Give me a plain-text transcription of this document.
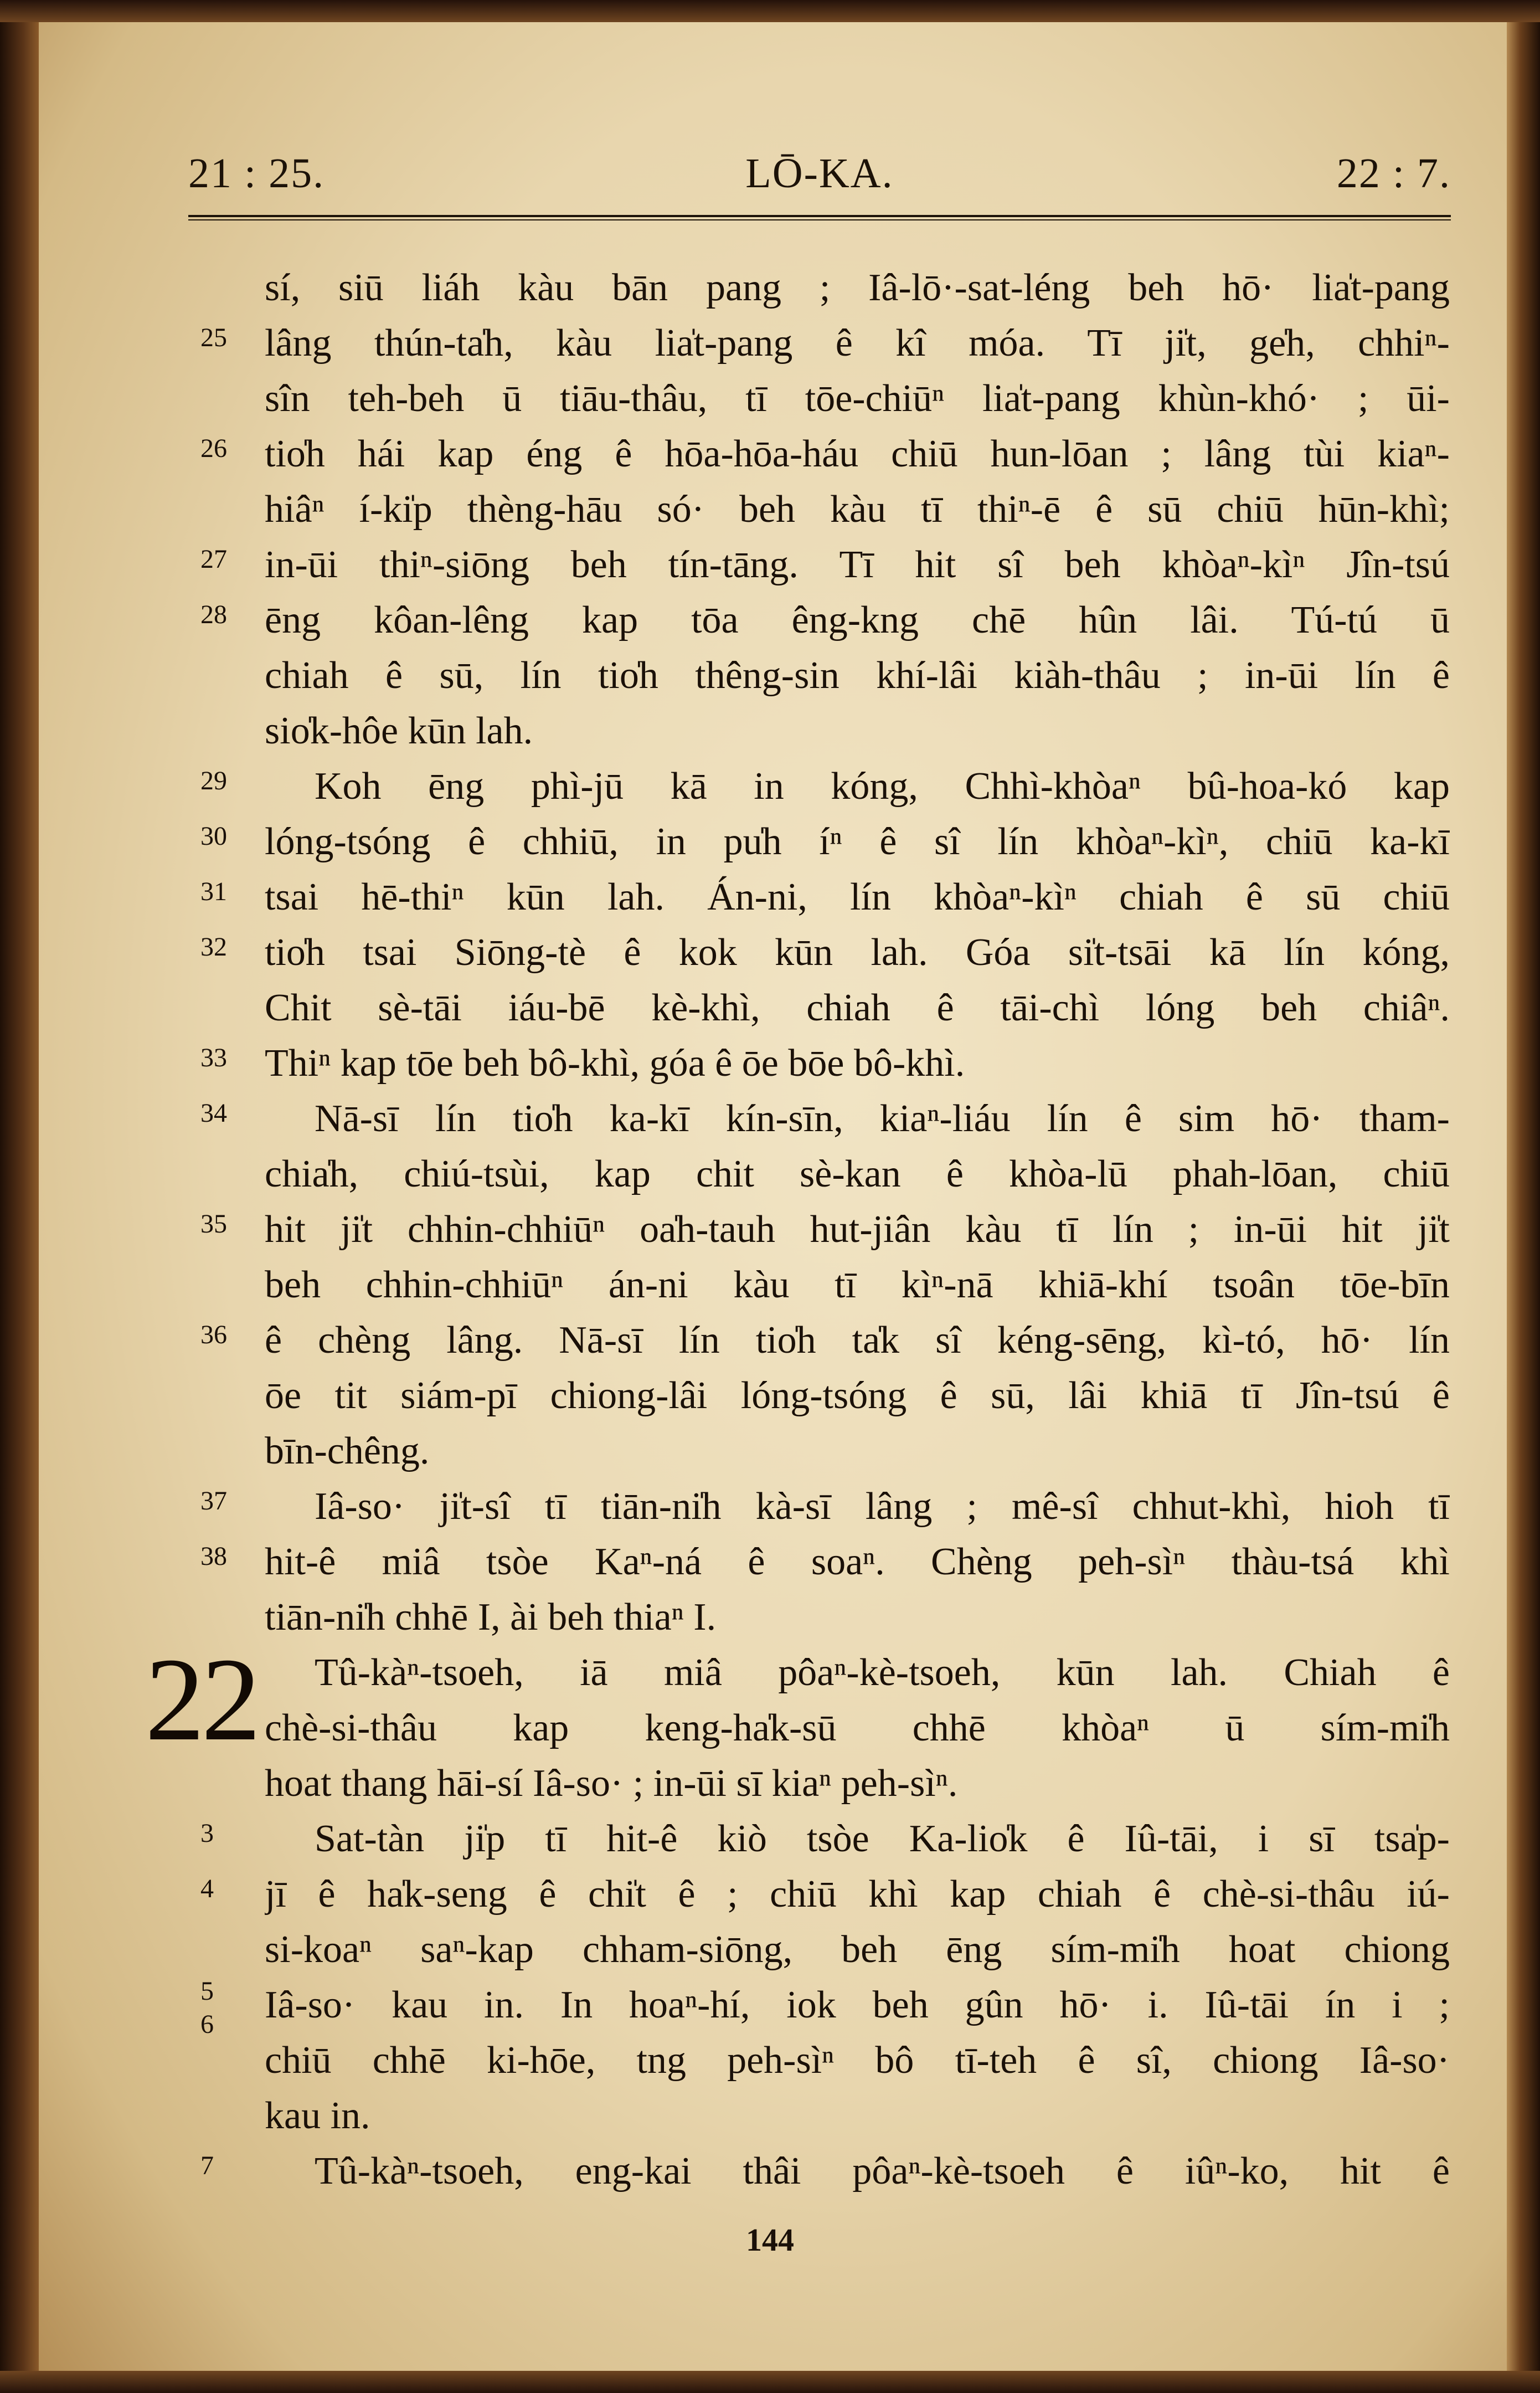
LŌ-KA.
21 : 25.	22 : 7.
sí, siū liáh kàu bān pang ; Iâ-lō·-sat-léng beh hō· lia̍t-pang
lâng thún-ta̍h, kàu lia̍t-pang ê kî móa. Tī ji̍t, ge̍h, chhiⁿ-
sîn teh-beh ū tiāu-thâu, tī tōe-chiūⁿ lia̍t-pang khùn-khó· ; ūi-
tio̍h hái kap éng ê hōa-hōa-háu chiū hun-lōan ; lâng tùi kiaⁿ-
hiâⁿ í-ki̍p thèng-hāu só· beh kàu tī thiⁿ-ē ê sū chiū hūn-khì;
in-ūi thiⁿ-siōng beh tín-tāng. Tī hit sî beh khòaⁿ-kìⁿ Jîn-tsú
ēng kôan-lêng kap tōa êng-kng chē hûn lâi. Tú-tú ū
chiah ê sū, lín tio̍h thêng-sin khí-lâi kiàh-thâu ; in-ūi lín ê
sio̍k-hôe kūn lah.
Koh ēng phì-jū kā in kóng, Chhì-khòaⁿ bû-hoa-kó kap
lóng-tsóng ê chhiū, in pu̍h íⁿ ê sî lín khòaⁿ-kìⁿ, chiū ka-kī
tsai hē-thiⁿ kūn lah. Án-ni, lín khòaⁿ-kìⁿ chiah ê sū chiū
tio̍h tsai Siōng-tè ê kok kūn lah. Góa si̍t-tsāi kā lín kóng,
Chit sè-tāi iáu-bē kè-khì, chiah ê tāi-chì lóng beh chiâⁿ.
Thiⁿ kap tōe beh bô-khì, góa ê ōe bōe bô-khì.
Nā-sī lín tio̍h ka-kī kín-sīn, kiaⁿ-liáu lín ê sim hō· tham-
chia̍h, chiú-tsùi, kap chit sè-kan ê khòa-lū phah-lōan, chiū
hit ji̍t chhin-chhiūⁿ oa̍h-tauh hut-jiân kàu tī lín ; in-ūi hit ji̍t
beh chhin-chhiūⁿ án-ni kàu tī kìⁿ-nā khiā-khí tsoân tōe-bīn
ê chèng lâng. Nā-sī lín tio̍h ta̍k sî kéng-sēng, kì-tó, hō· lín
ōe tit siám-pī chiong-lâi lóng-tsóng ê sū, lâi khiā tī Jîn-tsú ê
bīn-chêng.
Iâ-so· ji̍t-sî tī tiān-ni̍h kà-sī lâng ; mê-sî chhut-khì, hioh tī
hit-ê miâ tsòe Kaⁿ-ná ê soaⁿ. Chèng peh-sìⁿ thàu-tsá khì
tiān-ni̍h chhē I, ài beh thiaⁿ I.
Tû-kàⁿ-tsoeh, iā miâ pôaⁿ-kè-tsoeh, kūn lah. Chiah ê
chè-si-thâu kap keng-ha̍k-sū chhē khòaⁿ ū sím-mi̍h
hoat thang hāi-sí Iâ-so· ; in-ūi sī kiaⁿ peh-sìⁿ.
Sat-tàn ji̍p tī hit-ê kiò tsòe Ka-lio̍k ê Iû-tāi, i sī tsa̍p-
jī ê ha̍k-seng ê chi̍t ê ; chiū khì kap chiah ê chè-si-thâu iú-
si-koaⁿ saⁿ-kap chham-siōng, beh ēng sím-mi̍h hoat chiong
Iâ-so· kau in. In hoaⁿ-hí, iok beh gûn hō· i. Iû-tāi ín i ;
chiū chhē ki-hōe, tng peh-sìⁿ bô tī-teh ê sî, chiong Iâ-so·
kau in.
Tû-kàⁿ-tsoeh, eng-kai thâi pôaⁿ-kè-tsoeh ê iûⁿ-ko, hit ê
25
26
27
28
29
30
31
32
33
34
35
36
37
38
3
4
5
6
7
22
144
